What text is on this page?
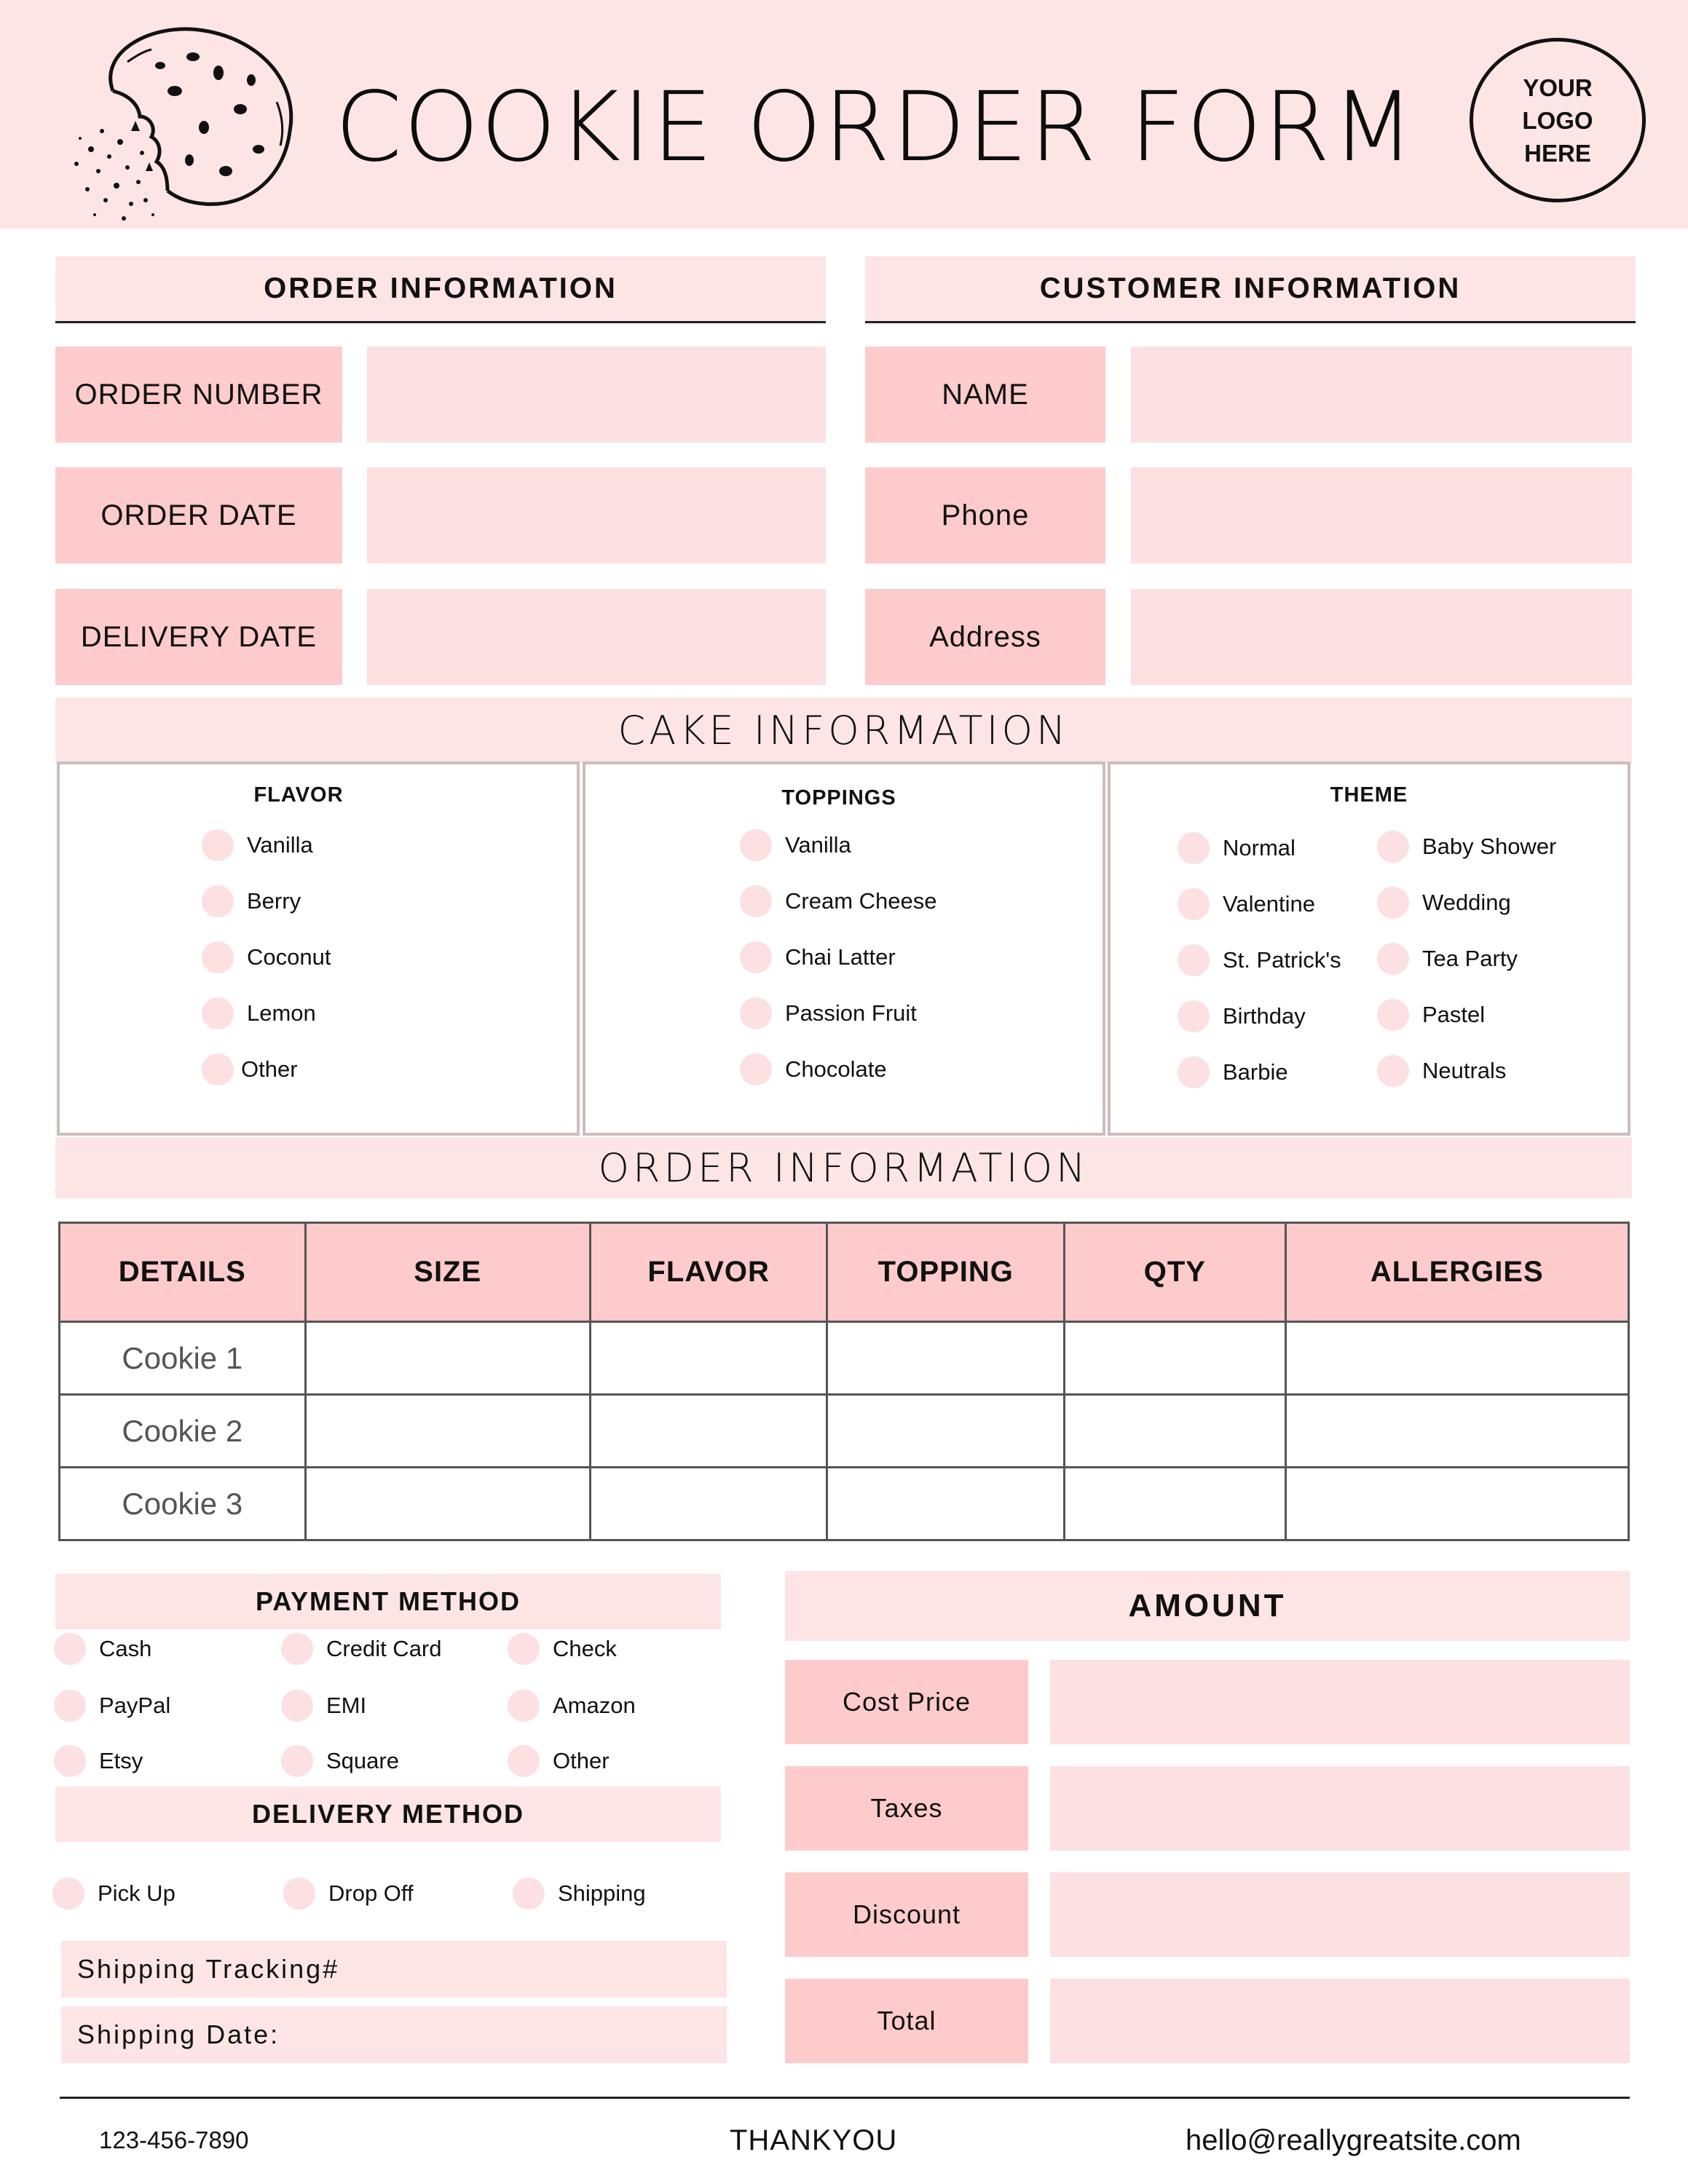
COOKIE ORDER FORM	YOUR LOGO HERE
ORDER INFORMATION
ORDER NUMBER
ORDER DATE
DELIVERY DATE
CUSTOMER INFORMATION
NAME
Phone
Address
CAKE INFORMATION
FLAVOR
Vanilla
Berry
Coconut
Lemon
Other
TOPPINGS
Vanilla
Cream Cheese
Chai Latter
Passion Fruit
Chocolate
THEME
Normal
Valentine
St. Patrick's
Birthday
Barbie
Baby Shower
Wedding
Tea Party
Pastel
Neutrals
ORDER INFORMATION
DETAILS	SIZE	FLAVOR	TOPPING	QTY	ALLERGIES
Cookie 1					
Cookie 2					
Cookie 3					
PAYMENT METHOD
Cash	Credit Card	Check
PayPal	EMI	Amazon
Etsy	Square	Other
DELIVERY METHOD
Pick Up	Drop Off	Shipping
Shipping Tracking#
Shipping Date:
AMOUNT
Cost Price
Taxes
Discount
Total
123-456-7890	THANKYOU	hello@reallygreatsite.com
